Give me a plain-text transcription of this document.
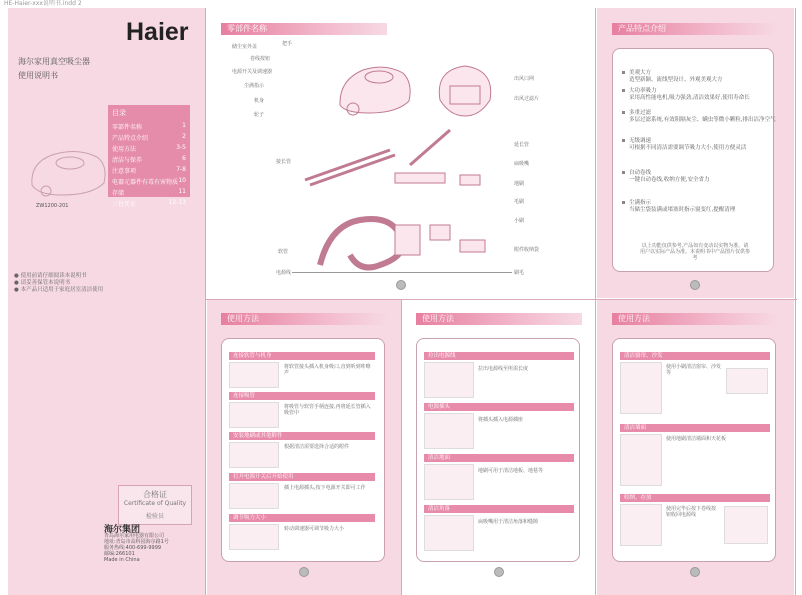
HE-Haier-xxx说明书.indd 2
Haier
海尔家用真空吸尘器
使用说明书
目录
零部件名称	1
产品特点介绍	2
使用方法	3-5
清洁与保养	6
注意事项	7-8
电器元器件有毒有害物质 10
存储	11
三包凭证	12-13
ZW1200-201
● 使用前请仔细阅读本说明书
● 请妥善保管本说明书
● 本产品只适用于家庭居室清洁使用
合格证
Certificate of Quality
检验员
海尔集团
青岛海尔家用电器有限公司
地址:青岛市高科园海尔路1号
服务热线:400-699-9999
邮编:266101
Made in China
零部件名称
储尘室外盖	把手
卷线按钮
电源开关及调速器
尘满指示
机身
轮子
出风口网
出风过滤片
接长管
延长管
扁吸嘴
地刷
毛刷
小刷
软管	附件收纳袋
电源线	刷毛
产品特点介绍
美观大方
造型新颖、流线型设计、外观美观大方
大功率吸力
采用高性能电机,吸力强劲,清洁效果好,使用寿命长
多重过滤
多层过滤系统,有效阻隔灰尘、螨虫等微小颗粒,排出洁净空气
无级调速
可根据不同清洁需要调节吸力大小,使用方便灵活
自动卷线
一键自动卷线,收纳方便,安全省力
尘满指示
当储尘袋装满或堵塞时指示窗变红,提醒清理
以上功能仅供参考,产品如有变动以实物为准。请用户以实际产品为准。本说明书中产品图片仅供参考
使用方法
连接软管与机身
将软管接头插入机身吸口,直到听到咔嚓声
连接吸管
将吸管与软管手柄连接,再将延长管插入吸管中
安装地刷或其他附件
根据清洁需要选择合适的附件
打开电源开关后开始使用
插上电源插头,按下电源开关即可工作
调节吸力大小
转动调速器可调节吸力大小
使用方法
拉出电源线
拉出电源线至所需长度
电源插头
将插头插入电源插座
清洁地面
地刷可用于清洁地板、地毯等
清洁角落
扁吸嘴用于清洁角落和缝隙
使用方法
清洁窗帘、沙发
使用小刷清洁窗帘、沙发等
清洁墙面
使用地刷清洁墙面和天花板
收纳、存放
使用完毕后按下卷线按钮收回电源线
